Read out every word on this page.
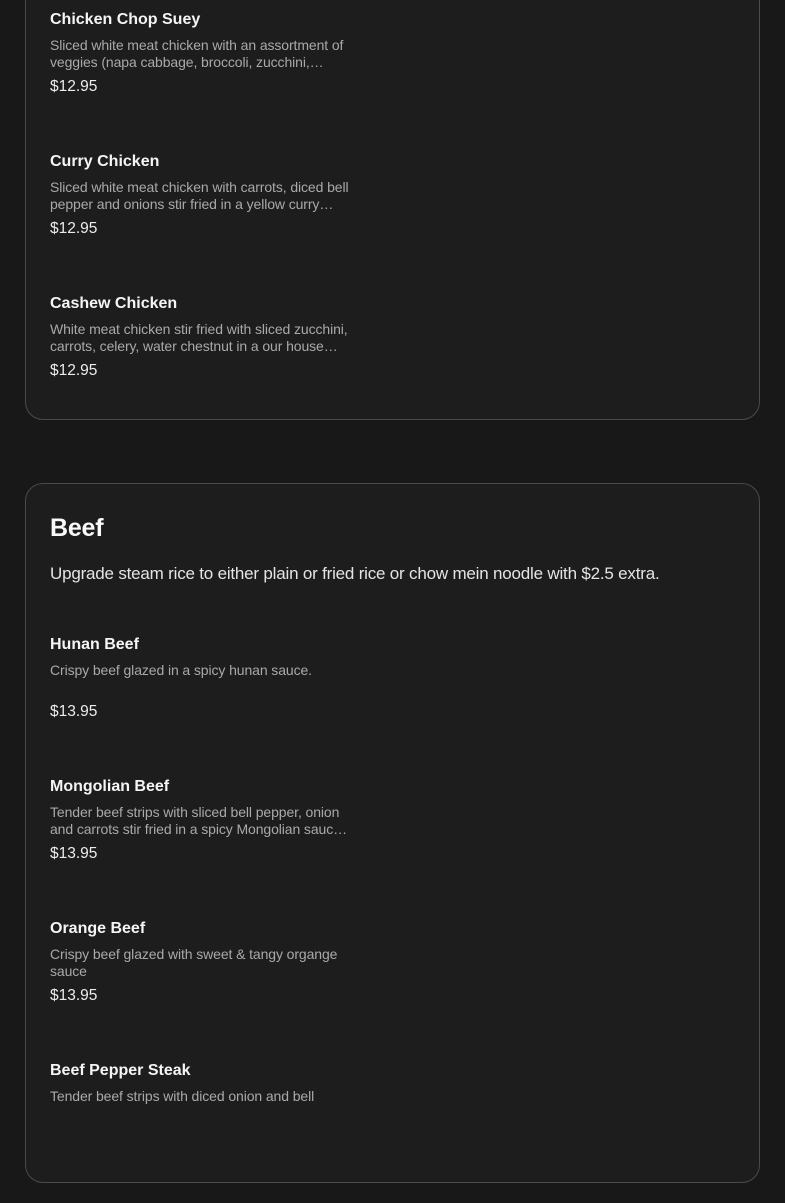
Chicken Chop Suey
Sliced white meat chicken with an assortment of
veggies (napa cabbage, broccoli, zucchini,…
$12.95
Curry Chicken
Sliced white meat chicken with carrots, diced bell
pepper and onions stir fried in a yellow curry…
$12.95
Cashew Chicken
White meat chicken stir fried with sliced zucchini,
carrots, celery, water chestnut in a our house…
$12.95
Beef
Upgrade steam rice to either plain or fried rice or chow mein noodle with $2.5 extra.
Hunan Beef
Crispy beef glazed in a spicy hunan sauce.
$13.95
Mongolian Beef
Tender beef strips with sliced bell pepper, onion
and carrots stir fried in a spicy Mongolian sauc…
$13.95
Orange Beef
Crispy beef glazed with sweet & tangy organge
sauce
$13.95
Beef Pepper Steak
Tender beef strips with diced onion and bell
